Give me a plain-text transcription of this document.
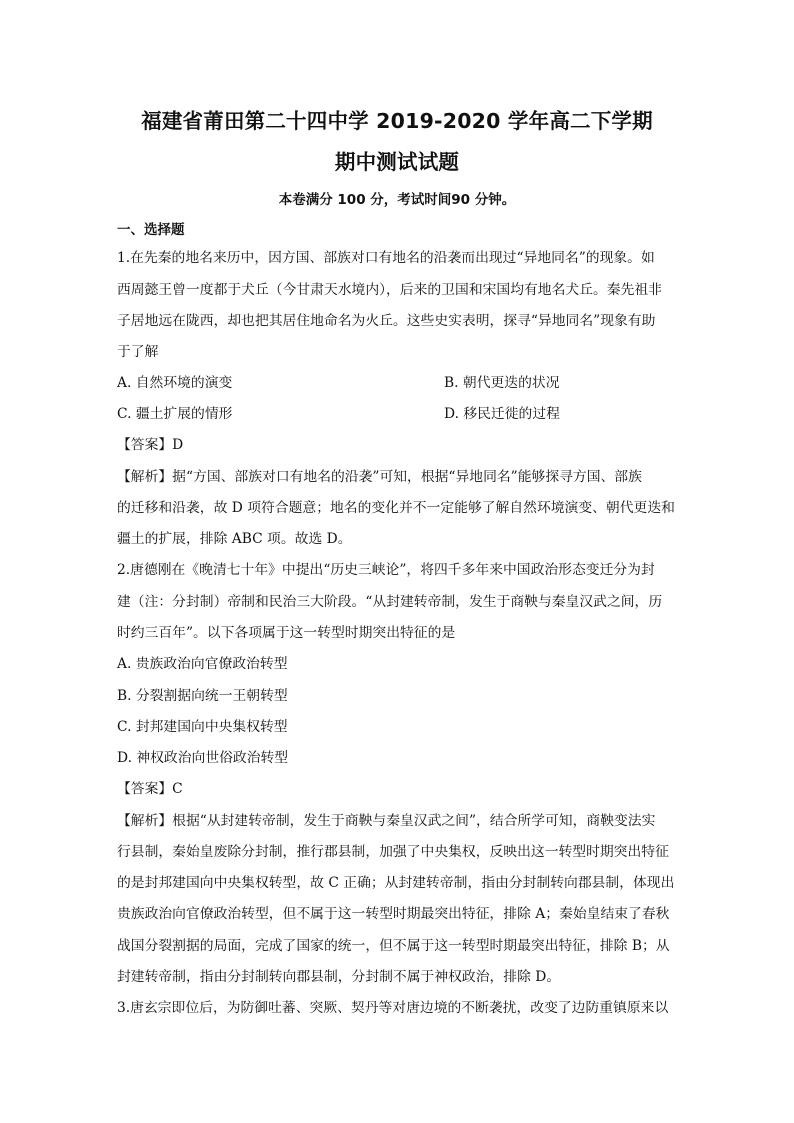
福建省莆田第二十四中学 2019-2020 学年高二下学期
期中测试试题
本卷满分 100 分，考试时间90 分钟。
一、选择题
1.在先秦的地名来历中，因方国、部族对口有地名的沿袭而出现过“异地同名”的现象。如
西周懿王曾一度都于犬丘（今甘肃天水境内），后来的卫国和宋国均有地名犬丘。秦先祖非
子居地远在陇西，却也把其居住地命名为火丘。这些史实表明，探寻“异地同名”现象有助
于了解
A. 自然环境的演变	B. 朝代更迭的状况
C. 疆土扩展的情形	D. 移民迁徙的过程
【答案】D
【解析】据“方国、部族对口有地名的沿袭”可知，根据“异地同名”能够探寻方国、部族
的迁移和沿袭，故 D 项符合题意；地名的变化并不一定能够了解自然环境演变、朝代更迭和
疆土的扩展，排除 ABC 项。故选 D。
2.唐德刚在《晚清七十年》中提出“历史三峡论”，将四千多年来中国政治形态变迁分为封
建（注：分封制）帝制和民治三大阶段。“从封建转帝制，发生于商鞅与秦皇汉武之间，历
时约三百年”。以下各项属于这一转型时期突出特征的是
A. 贵族政治向官僚政治转型
B. 分裂割据向统一王朝转型
C. 封邦建国向中央集权转型
D. 神权政治向世俗政治转型
【答案】C
【解析】根据“从封建转帝制，发生于商鞅与秦皇汉武之间”，结合所学可知，商鞅变法实
行县制，秦始皇废除分封制，推行郡县制，加强了中央集权，反映出这一转型时期突出特征
的是封邦建国向中央集权转型，故 C 正确；从封建转帝制，指由分封制转向郡县制，体现出
贵族政治向官僚政治转型，但不属于这一转型时期最突出特征，排除 A；秦始皇结束了春秋
战国分裂割据的局面，完成了国家的统一，但不属于这一转型时期最突出特征，排除 B；从
封建转帝制，指由分封制转向郡县制，分封制不属于神权政治，排除 D。
3.唐玄宗即位后，为防御吐蕃、突厥、契丹等对唐边境的不断袭扰，改变了边防重镇原来以
